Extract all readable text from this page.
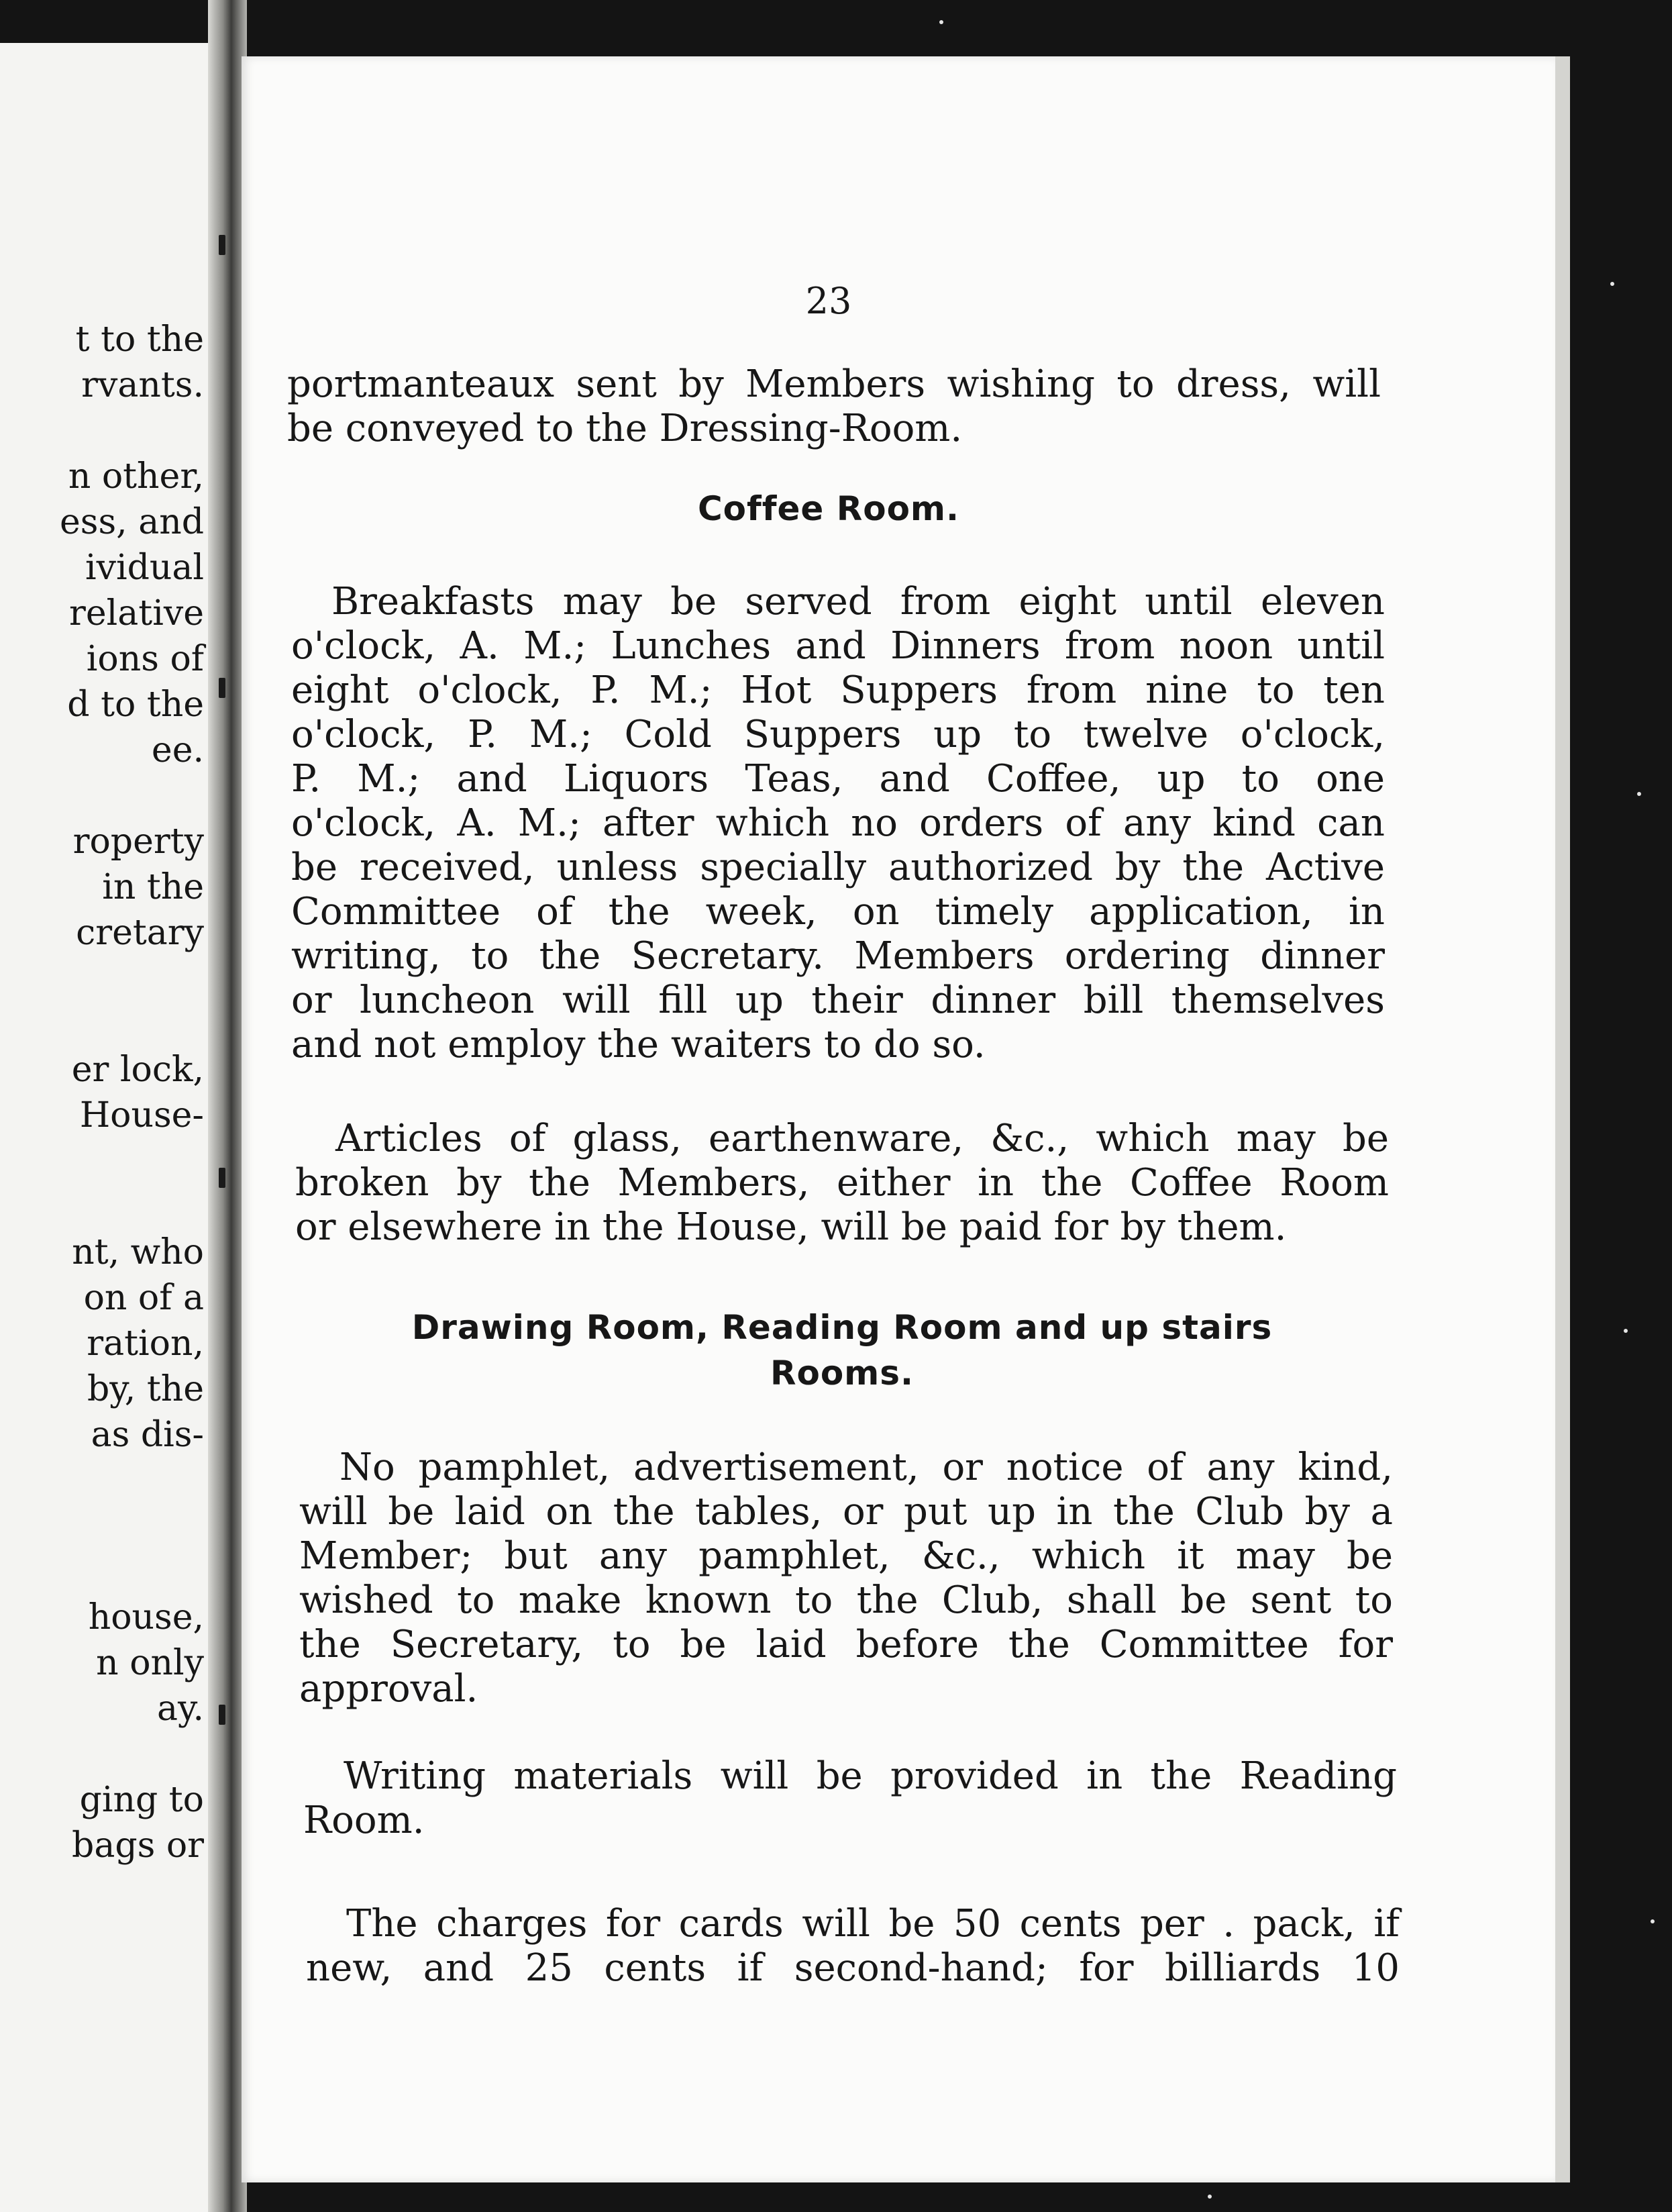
t to the
rvants.
n other,
ess, and
ividual
relative
ions of
d to the
ee.
roperty
in the
cretary
er lock,
House-
nt, who
on of a
ration,
by, the
as dis-
house,
n only
ay.
ging to
bags or
23
portmanteaux sent by Members wishing to dress, will
be conveyed to the Dressing-Room.
Coffee Room.
Breakfasts may be served from eight until eleven
o'clock, A. M.; Lunches and Dinners from noon until
eight o'clock, P. M.; Hot Suppers from nine to ten
o'clock, P. M.; Cold Suppers up to twelve o'clock,
P. M.; and Liquors Teas, and Coffee, up to one
o'clock, A. M.; after which no orders of any kind can
be received, unless specially authorized by the Active
Committee of the week, on timely application, in
writing, to the Secretary. Members ordering dinner
or luncheon will fill up their dinner bill themselves
and not employ the waiters to do so.
Articles of glass, earthenware, &c., which may be
broken by the Members, either in the Coffee Room
or elsewhere in the House, will be paid for by them.
Drawing Room, Reading Room and up stairs
Rooms.
No pamphlet, advertisement, or notice of any kind,
will be laid on the tables, or put up in the Club by a
Member; but any pamphlet, &c., which it may be
wished to make known to the Club, shall be sent to
the Secretary, to be laid before the Committee for
approval.
Writing materials will be provided in the Reading
Room.
The charges for cards will be 50 cents per . pack, if
new, and 25 cents if second-hand; for billiards 10
